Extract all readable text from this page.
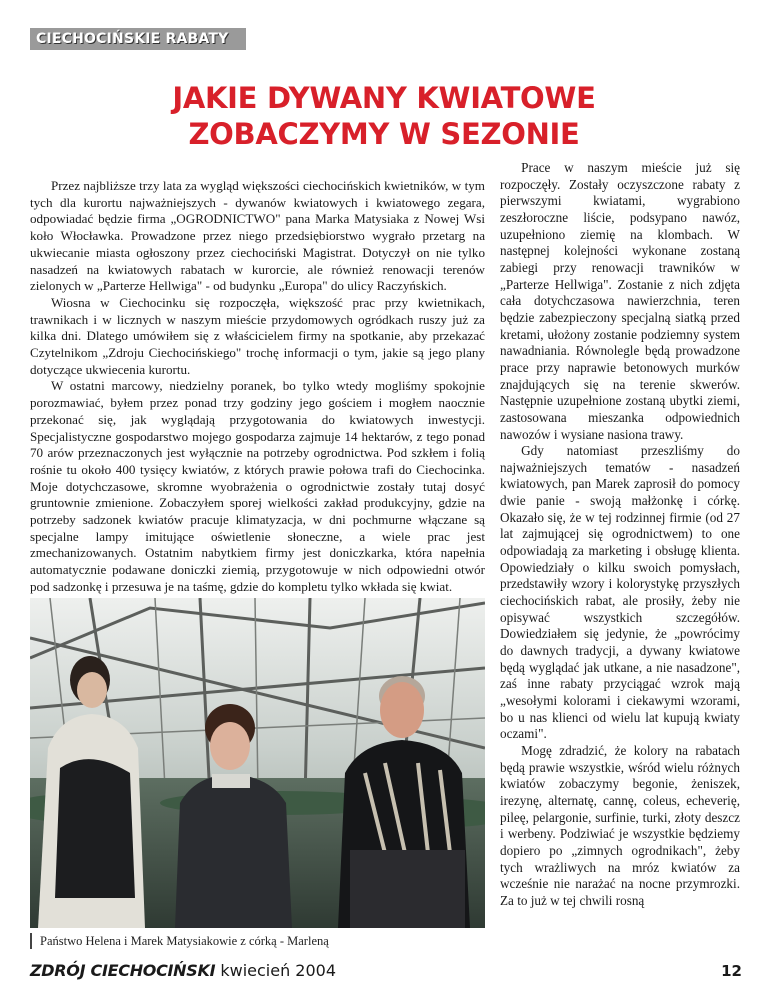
CIECHOCIŃSKIE RABATY
JAKIE DYWANY KWIATOWE
ZOBACZYMY W SEZONIE

Przez najbliższe trzy lata za wygląd większości ciechocińskich kwietników, w tym tych dla kurortu najważniejszych - dywanów kwiatowych i kwiatowego zegara, odpowiadać będzie firma „OGRODNICTWO" pana Marka Matysiaka z Nowej Wsi koło Włocławka. Prowadzone przez niego przedsiębiorstwo wygrało przetarg na ukwiecanie miasta ogłoszony przez ciechociński Magistrat. Dotyczył on nie tylko nasadzeń na kwiatowych rabatach w kurorcie, ale również renowacji terenów zielonych w „Parterze Hellwiga" - od budynku „Europa" do ulicy Raczyńskich.

Wiosna w Ciechocinku się rozpoczęła, większość prac przy kwietnikach, trawnikach i w licznych w naszym mieście przydomowych ogródkach ruszy już za kilka dni. Dlatego umówiłem się z właścicielem firmy na spotkanie, aby przekazać Czytelnikom „Zdroju Ciechocińskiego" trochę informacji o tym, jakie są jego plany dotyczące ukwiecenia kurortu.

W ostatni marcowy, niedzielny poranek, bo tylko wtedy mogliśmy spokojnie porozmawiać, byłem przez ponad trzy godziny jego gościem i mogłem naocznie przekonać się, jak wyglądają przygotowania do kwiatowych inwestycji. Specjalistyczne gospodarstwo mojego gospodarza zajmuje 14 hektarów, z tego ponad 70 arów przeznaczonych jest wyłącznie na potrzeby ogrodnictwa. Pod szkłem i folią rośnie tu około 400 tysięcy kwiatów, z których prawie połowa trafi do Ciechocinka. Moje dotychczasowe, skromne wyobrażenia o ogrodnictwie zostały tutaj dosyć gruntownie zmienione. Zobaczyłem sporej wielkości zakład produkcyjny, gdzie na potrzeby sadzonek kwiatów pracuje klimatyzacja, w dni pochmurne włączane są specjalne lampy imitujące oświetlenie słoneczne, a wiele prac jest zmechanizowanych. Ostatnim nabytkiem firmy jest doniczkarka, która napełnia automatycznie podawane doniczki ziemią, przygotowuje w nich odpowiedni otwór pod sadzonkę i przesuwa je na taśmę, gdzie do kompletu tylko wkłada się kwiat.

Państwo Helena i Marek Matysiakowie z córką - Marleną

Prace w naszym mieście już się rozpoczęły. Zostały oczyszczone rabaty z pierwszymi kwiatami, wygrabiono zeszłoroczne liście, podsypano nawóz, uzupełniono ziemię na klombach. W następnej kolejności wykonane zostaną zabiegi przy renowacji trawników w „Parterze Hellwiga". Zostanie z nich zdjęta cała dotychczasowa nawierzchnia, teren będzie zabezpieczony specjalną siatką przed kretami, ułożony zostanie podziemny system nawadniania. Równolegle będą prowadzone prace przy naprawie betonowych murków znajdujących się na terenie skwerów. Następnie uzupełnione zostaną ubytki ziemi, zastosowana mieszanka odpowiednich nawozów i wysiane nasiona trawy.

Gdy natomiast przeszliśmy do najważniejszych tematów - nasadzeń kwiatowych, pan Marek zaprosił do pomocy dwie panie - swoją małżonkę i córkę. Okazało się, że w tej rodzinnej firmie (od 27 lat zajmującej się ogrodnictwem) to one odpowiadają za marketing i obsługę klienta. Opowiedziały o kilku swoich pomysłach, przedstawiły wzory i kolorystykę przyszłych ciechocińskich rabat, ale prosiły, żeby nie opisywać wszystkich szczegółów. Dowiedziałem się jedynie, że „powrócimy do dawnych tradycji, a dywany kwiatowe będą wyglądać jak utkane, a nie nasadzone", zaś inne rabaty przyciągać wzrok mają „wesołymi kolorami i ciekawymi wzorami, bo u nas klienci od wielu lat kupują kwiaty oczami".

Mogę zdradzić, że kolory na rabatach będą prawie wszystkie, wśród wielu różnych kwiatów zobaczymy begonie, żeniszek, irezynę, alternatę, cannę, coleus, echeverię, pileę, pelargonie, surfinie, turki, złoty deszcz i werbeny. Podziwiać je wszystkie będziemy dopiero po „zimnych ogrodnikach", żeby tych wrażliwych na mróz kwiatów za wcześnie nie narażać na nocne przymrozki. Za to już w tej chwili rosną

ZDRÓJ CIECHOCIŃSKI kwiecień 2004	12
